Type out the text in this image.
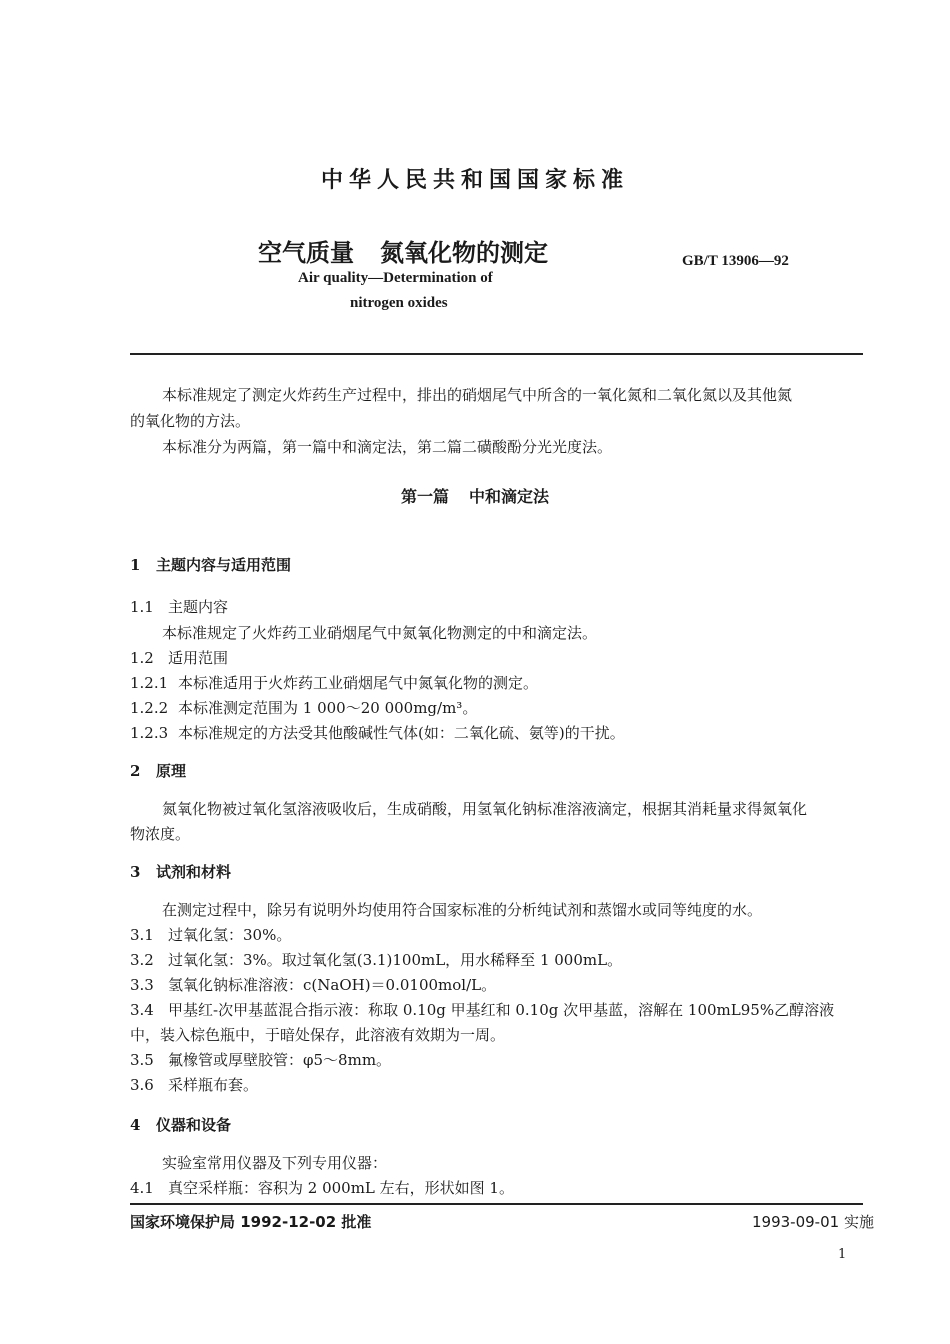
中华人民共和国国家标准
空气质量 氮氧化物的测定	GB/T 13906—92
Air quality—Determination of
nitrogen oxides
本标准规定了测定火炸药生产过程中，排出的硝烟尾气中所含的一氧化氮和二氧化氮以及其他氮
的氧化物的方法。
本标准分为两篇，第一篇中和滴定法，第二篇二磺酸酚分光光度法。
第一篇 中和滴定法
1 主题内容与适用范围
1.1 主题内容
本标准规定了火炸药工业硝烟尾气中氮氧化物测定的中和滴定法。
1.2 适用范围
1.2.1 本标准适用于火炸药工业硝烟尾气中氮氧化物的测定。
1.2.2 本标准测定范围为 1 000～20 000mg/m³。
1.2.3 本标准规定的方法受其他酸碱性气体(如：二氧化硫、氨等)的干扰。
2 原理
氮氧化物被过氧化氢溶液吸收后，生成硝酸，用氢氧化钠标准溶液滴定，根据其消耗量求得氮氧化
物浓度。
3 试剂和材料
在测定过程中，除另有说明外均使用符合国家标准的分析纯试剂和蒸馏水或同等纯度的水。
3.1 过氧化氢：30%。
3.2 过氧化氢：3%。取过氧化氢(3.1)100mL，用水稀释至 1 000mL。
3.3 氢氧化钠标准溶液：c(NaOH)＝0.0100mol/L。
3.4 甲基红-次甲基蓝混合指示液：称取 0.10g 甲基红和 0.10g 次甲基蓝，溶解在 100mL95%乙醇溶液
中，装入棕色瓶中，于暗处保存，此溶液有效期为一周。
3.5 氟橡管或厚壁胶管：φ5～8mm。
3.6 采样瓶布套。
4 仪器和设备
实验室常用仪器及下列专用仪器：
4.1 真空采样瓶：容积为 2 000mL 左右，形状如图 1。
国家环境保护局 1992-12-02 批准	1993-09-01 实施
1
